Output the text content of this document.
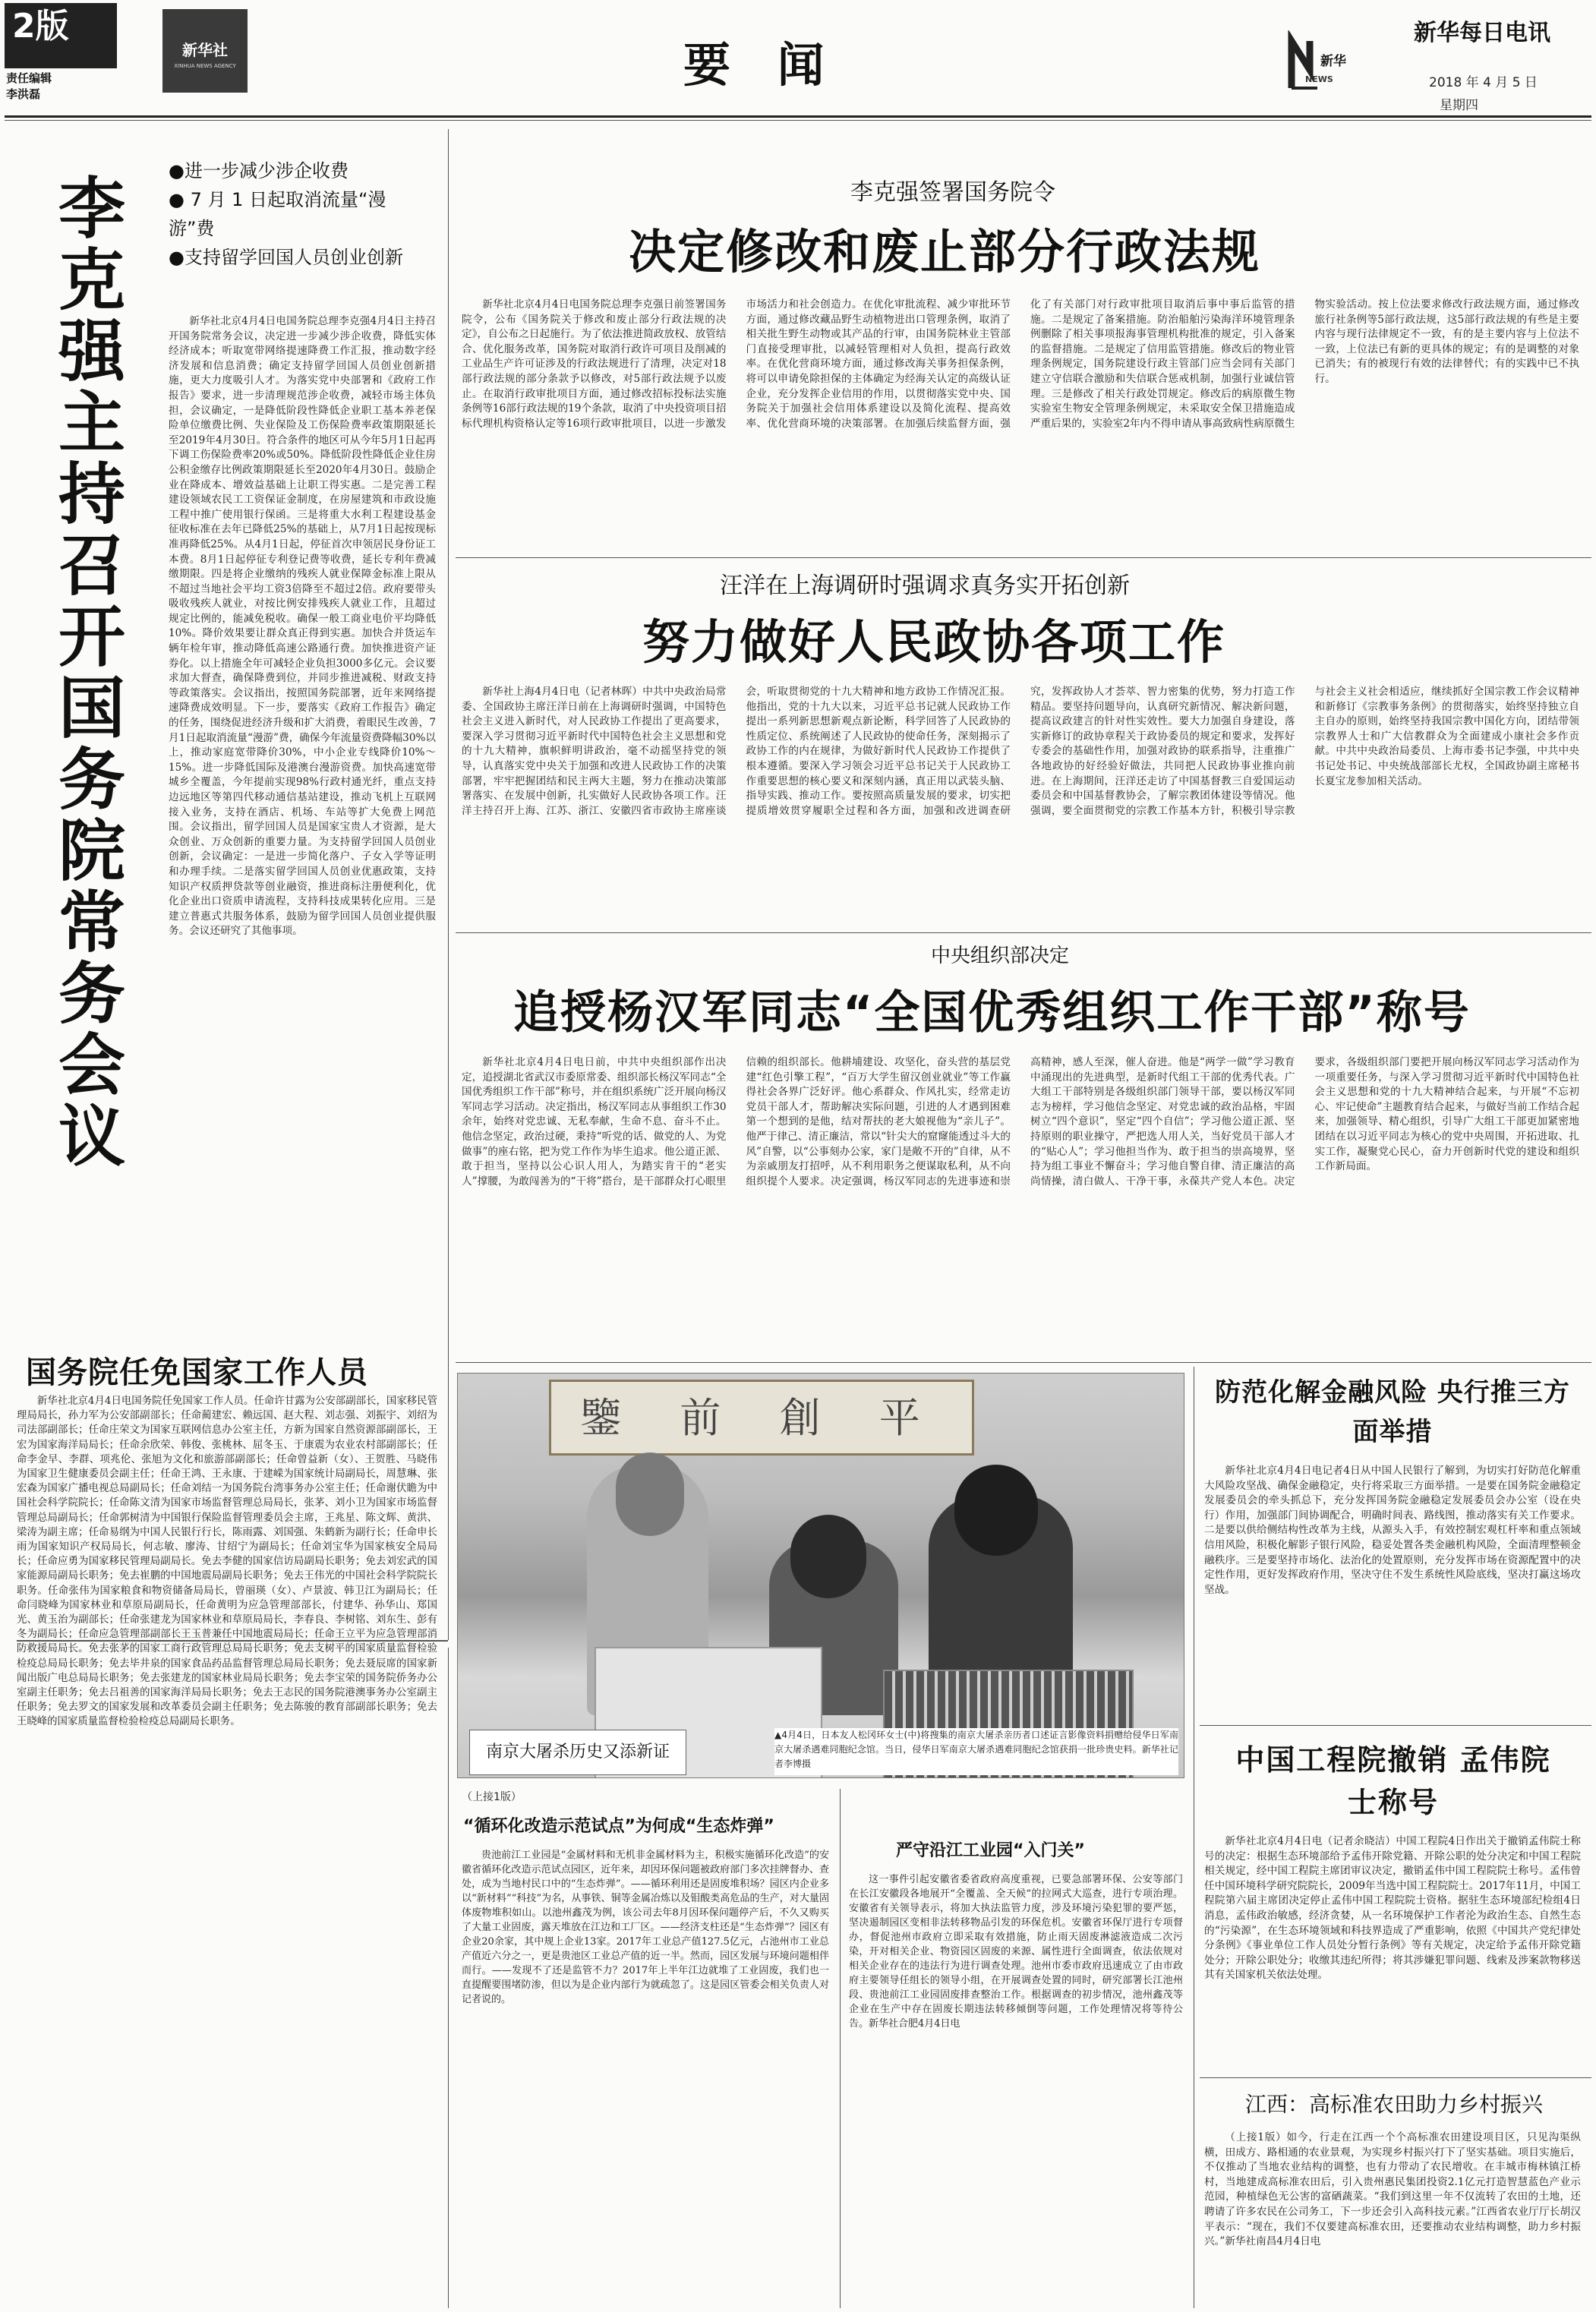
2版
责任编辑
李洪磊
新华社
XINHUA NEWS AGENCY	要 闻	新华
NEWS
新华每日电讯
2018 年 4 月 5 日
星期四
●进一步减少涉企收费
● 7 月 1 日起取消流量“漫游”费
●支持留学回国人员创业创新
李克强主持召开国务院常务会议	新华社北京4月4日电国务院总理李克强4月4日主持召开国务院常务会议，决定进一步减少涉企收费，降低实体经济成本；听取宽带网络提速降费工作汇报，推动数字经济发展和信息消费；确定支持留学回国人员创业创新措施，更大力度吸引人才。为落实党中央部署和《政府工作报告》要求，进一步清理规范涉企收费，减轻市场主体负担，会议确定，一是降低阶段性降低企业职工基本养老保险单位缴费比例、失业保险及工伤保险费率政策期限延长至2019年4月30日。符合条件的地区可从今年5月1日起再下调工伤保险费率20%或50%。降低阶段性降低企业住房公积金缴存比例政策期限延长至2020年4月30日。鼓励企业在降成本、增效益基础上让职工得实惠。二是完善工程建设领域农民工工资保证金制度，在房屋建筑和市政设施工程中推广使用银行保函。三是将重大水利工程建设基金征收标准在去年已降低25%的基础上，从7月1日起按现标准再降低25%。从4月1日起，停征首次申领居民身份证工本费。8月1日起停征专利登记费等收费，延长专利年费减缴期限。四是将企业缴纳的残疾人就业保障金标准上限从不超过当地社会平均工资3倍降至不超过2倍。政府要带头吸收残疾人就业，对按比例安排残疾人就业工作，且超过规定比例的，能减免税收。确保一般工商业电价平均降低10%。降价效果要让群众真正得到实惠。加快合并货运车辆年检年审，推动降低高速公路通行费。加快推进资产证券化。以上措施全年可减轻企业负担3000多亿元。会议要求加大督查，确保降费到位，并同步推进减税、财政支持等政策落实。会议指出，按照国务院部署，近年来网络提速降费成效明显。下一步，要落实《政府工作报告》确定的任务，围绕促进经济升级和扩大消费，着眼民生改善，7月1日起取消流量“漫游”费，确保今年流量资费降幅30%以上，推动家庭宽带降价30%，中小企业专线降价10%～15%。进一步降低国际及港澳台漫游资费。加快高速宽带城乡全覆盖，今年提前实现98%行政村通光纤，重点支持边远地区等第四代移动通信基站建设，推动飞机上互联网接入业务，支持在酒店、机场、车站等扩大免费上网范围。会议指出，留学回国人员是国家宝贵人才资源，是大众创业、万众创新的重要力量。为支持留学回国人员创业创新，会议确定：一是进一步简化落户、子女入学等证明和办理手续。二是落实留学回国人员创业优惠政策，支持知识产权质押贷款等创业融资，推进商标注册便利化，优化企业出口资质申请流程，支持科技成果转化应用。三是建立普惠式共服务体系，鼓励为留学回国人员创业提供服务。会议还研究了其他事项。

李克强签署国务院令
决定修改和废止部分行政法规

新华社北京4月4日电国务院总理李克强日前签署国务院令，公布《国务院关于修改和废止部分行政法规的决定》，自公布之日起施行。为了依法推进简政放权、放管结合、优化服务改革，国务院对取消行政许可项目及削减的工业品生产许可证涉及的行政法规进行了清理，决定对18部行政法规的部分条款予以修改，对5部行政法规予以废止。在取消行政审批项目方面，通过修改招标投标法实施条例等16部行政法规的19个条款，取消了中央投资项目招标代理机构资格认定等16项行政审批项目，以进一步激发市场活力和社会创造力。在优化审批流程、减少审批环节方面，通过修改藏品野生动植物进出口管理条例，取消了相关批生野生动物或其产品的行审，由国务院林业主管部门直接受理审批，以减轻管理相对人负担，提高行政效率。在优化营商环境方面，通过修改海关事务担保条例，将可以申请免除担保的主体确定为经海关认定的高级认证企业，充分发挥企业信用的作用，以贯彻落实党中央、国务院关于加强社会信用体系建设以及简化流程、提高效率、优化营商环境的决策部署。在加强后续监督方面，强化了有关部门对行政审批项目取消后事中事后监管的措施。二是规定了备案措施。防治船舶污染海洋环境管理条例删除了相关事项报海事管理机构批准的规定，引入备案的监督措施。二是规定了信用监管措施。修改后的物业管理条例规定，国务院建设行政主管部门应当会同有关部门建立守信联合激励和失信联合惩戒机制，加强行业诚信管理。三是修改了相关行政处罚规定。修改后的病原微生物实验室生物安全管理条例规定，未采取安全保卫措施造成严重后果的，实验室2年内不得申请从事高致病性病原微生物实验活动。按上位法要求修改行政法规方面，通过修改旅行社条例等5部行政法规，这5部行政法规的有些是主要内容与现行法律规定不一致，有的是主要内容与上位法不一致，上位法已有新的更具体的规定；有的是调整的对象已消失；有的被现行有效的法律替代；有的实践中已不执行。

汪洋在上海调研时强调求真务实开拓创新
努力做好人民政协各项工作

新华社上海4月4日电（记者林晖）中共中央政治局常委、全国政协主席汪洋日前在上海调研时强调，中国特色社会主义进入新时代，对人民政协工作提出了更高要求，要深入学习贯彻习近平新时代中国特色社会主义思想和党的十九大精神，旗帜鲜明讲政治，毫不动摇坚持党的领导，认真落实党中央关于加强和改进人民政协工作的决策部署，牢牢把握团结和民主两大主题，努力在推动决策部署落实、在发展中创新，扎实做好人民政协各项工作。汪洋主持召开上海、江苏、浙江、安徽四省市政协主席座谈会，听取贯彻党的十九大精神和地方政协工作情况汇报。他指出，党的十九大以来，习近平总书记就人民政协工作提出一系列新思想新观点新论断，科学回答了人民政协的性质定位、系统阐述了人民政协的使命任务，深刻揭示了政协工作的内在规律，为做好新时代人民政协工作提供了根本遵循。要深入学习领会习近平总书记关于人民政协工作重要思想的核心要义和深刻内涵，真正用以武装头脑、指导实践、推动工作。要按照高质量发展的要求，切实把提质增效贯穿履职全过程和各方面，加强和改进调查研究，发挥政协人才荟萃、智力密集的优势，努力打造工作精品。要坚持问题导向，认真研究新情况、解决新问题，提高议政建言的针对性实效性。要大力加强自身建设，落实新修订的政协章程关于政协委员的规定和要求，发挥好专委会的基础性作用，加强对政协的联系指导，注重推广各地政协的好经验好做法，共同把人民政协事业推向前进。在上海期间，汪洋还走访了中国基督教三自爱国运动委员会和中国基督教协会，了解宗教团体建设等情况。他强调，要全面贯彻党的宗教工作基本方针，积极引导宗教与社会主义社会相适应，继续抓好全国宗教工作会议精神和新修订《宗教事务条例》的贯彻落实，始终坚持独立自主自办的原则，始终坚持我国宗教中国化方向，团结带领宗教界人士和广大信教群众为全面建成小康社会多作贡献。中共中央政治局委员、上海市委书记李强，中共中央书记处书记、中央统战部部长尤权，全国政协副主席秘书长夏宝龙参加相关活动。

中央组织部决定
追授杨汉军同志“全国优秀组织工作干部”称号

新华社北京4月4日电日前，中共中央组织部作出决定，追授湖北省武汉市委原常委、组织部长杨汉军同志“全国优秀组织工作干部”称号，并在组织系统广泛开展向杨汉军同志学习活动。决定指出，杨汉军同志从事组织工作30余年，始终对党忠诚、无私奉献，生命不息、奋斗不止。他信念坚定，政治过硬，秉持“听党的话、做党的人、为党做事”的座右铭，把为党工作作为毕生追求。他公道正派、敢于担当，坚持以公心识人用人，为踏实肯干的“老实人”撑腰，为敢闯善为的“干将”搭台，是干部群众打心眼里信赖的组织部长。他耕埔建设、攻坚化，奋头营的基层党建“红色引擎工程”，“百万大学生留汉创业就业”等工作赢得社会各界广泛好评。他心系群众、作风扎实，经常走访党员干部人才，帮助解决实际问题，引进的人才遇到困难第一个想到的是他，结对帮扶的老大娘视他为“亲儿子”。他严于律己、清正廉洁，常以“针尖大的窟窿能透过斗大的风”自警，以“公事刻办公家，家门是敞不开的”自律，从不为亲戚朋友打招呼，从不利用职务之便谋取私利，从不向组织提个人要求。决定强调，杨汉军同志的先进事迹和崇高精神，感人至深，催人奋进。他是“两学一做”学习教育中涌现出的先进典型，是新时代组工干部的优秀代表。广大组工干部特别是各级组织部门领导干部，要以杨汉军同志为榜样，学习他信念坚定、对党忠诚的政治品格，牢固树立“四个意识”，坚定“四个自信”；学习他公道正派、坚持原则的职业操守，严把选人用人关，当好党员干部人才的“贴心人”；学习他担当作为、敢于担当的崇高境界，坚持为组工事业不懈奋斗；学习他自警自律、清正廉洁的高尚情操，清白做人、干净干事，永葆共产党人本色。决定要求，各级组织部门要把开展向杨汉军同志学习活动作为一项重要任务，与深入学习贯彻习近平新时代中国特色社会主义思想和党的十九大精神结合起来，与开展“不忘初心、牢记使命”主题教育结合起来，与做好当前工作结合起来，加强领导、精心组织，引导广大组工干部更加紧密地团结在以习近平同志为核心的党中央周围，开拓进取、扎实工作，凝聚党心民心，奋力开创新时代党的建设和组织工作新局面。

国务院任免国家工作人员

新华社北京4月4日电国务院任免国家工作人员。任命许甘露为公安部副部长，国家移民管理局局长，孙力军为公安部副部长；任命蔺建宏、赖远国、赵大程、刘志强、刘振宇、刘绍为司法部副部长；任命庄荣文为国家互联网信息办公室主任，方新为国家自然资源部副部长，王宏为国家海洋局局长；任命余欣荣、韩俊、张桃林、屈冬玉、于康震为农业农村部副部长；任命李金早、李群、项兆伦、张旭为文化和旅游部副部长；任命曾益新（女）、王贺胜、马晓伟为国家卫生健康委员会副主任；任命王鸿、王永康、于建嵘为国家统计局副局长，周慧琳、张宏森为国家广播电视总局副局长；任命刘结一为国务院台湾事务办公室主任；任命谢伏瞻为中国社会科学院院长；任命陈文清为国家市场监督管理总局局长，张茅、刘小卫为国家市场监督管理总局副局长；任命郭树清为中国银行保险监督管理委员会主席，王兆星、陈文辉、黄洪、梁涛为副主席；任命易纲为中国人民银行行长，陈雨露、刘国强、朱鹤新为副行长；任命申长雨为国家知识产权局局长，何志敏、廖涛、甘绍宁为副局长；任命刘宝华为国家核安全局局长；任命应勇为国家移民管理局副局长。免去李健的国家信访局副局长职务；免去刘宏武的国家能源局副局长职务；免去崔鹏的中国地震局副局长职务；免去王伟光的中国社会科学院院长职务。任命张伟为国家粮食和物资储备局局长，曾丽瑛（女）、卢景波、韩卫江为副局长；任命闫晓峰为国家林业和草原局副局长，任命黄明为应急管理部部长，付建华、孙华山、郑国光、黄玉治为副部长；任命张建龙为国家林业和草原局局长，李春良、李树铭、刘东生、彭有冬为副局长；任命应急管理部副部长王玉普兼任中国地震局局长；任命王立平为应急管理部消防救援局局长。免去张茅的国家工商行政管理总局局长职务；免去支树平的国家质量监督检验检疫总局局长职务；免去毕井泉的国家食品药品监督管理总局局长职务；免去聂辰席的国家新闻出版广电总局局长职务；免去张建龙的国家林业局局长职务；免去李宝荣的国务院侨务办公室副主任职务；免去吕祖善的国家海洋局局长职务；免去王志民的国务院港澳事务办公室副主任职务；免去罗文的国家发展和改革委员会副主任职务；免去陈骏的教育部副部长职务；免去王晓峰的国家质量监督检验检疫总局副局长职务。

鑒 前 創 平
南京大屠杀历史又添新证
▲4月4日，日本友人松冈环女士(中)将搜集的南京大屠杀亲历者口述证言影像资料捐赠给侵华日军南京大屠杀遇难同胞纪念馆。当日，侵华日军南京大屠杀遇难同胞纪念馆获捐一批珍贵史料。新华社记者李博摄
（上接1版）
“循环化改造示范试点”为何成“生态炸弹”

贵池前江工业园是“金属材料和无机非金属材料为主，积极实施循环化改造”的安徽省循环化改造示范试点园区，近年来，却因环保问题被政府部门多次挂牌督办、查处，成为当地村民口中的“生态炸弹”。——循环利用还是固废堆积场？园区内企业多以“新材料”“科技”为名，从事铁、铜等金属冶炼以及钼酸类高危品的生产，对大量固体废物堆积如山。以池州鑫茂为例，该公司去年8月因环保问题停产后，不久又购买了大量工业固废，露天堆放在江边和工厂区。——经济支柱还是“生态炸弹”？园区有企业20余家，其中规上企业13家。2017年工业总产值127.5亿元，占池州市工业总产值近六分之一，更是贵池区工业总产值的近一半。然而，园区发展与环境问题相伴而行。——发现不了还是监管不力？2017年上半年江边就堆了工业固废，我们也一直提醒要围堵防渗，但以为是企业内部行为就疏忽了。这是园区管委会相关负责人对记者说的。

严守沿江工业园“入门关”

这一事件引起安徽省委省政府高度重视，已要急部署环保、公安等部门在长江安徽段各地展开“全覆盖、全天候”的拉网式大巡查，进行专项治理。安徽省有关领导表示，将加大执法监管力度，涉及环境污染犯罪的要严惩，坚决遏制园区变相非法转移物品引发的环保危机。安徽省环保厅进行专项督办，督促池州市政府立即采取有效措施，防止雨天固废淋滤液造成二次污染，开对相关企业、物资园区固废的来源、属性进行全面调查，依法依规对相关企业存在的违法行为进行调查处理。池州市委市政府迅速成立了由市政府主要领导任组长的领导小组，在开展调查处置的同时，研究部署长江池州段、贵池前江工业园固废排查整治工作。根据调查的初步情况，池州鑫茂等企业在生产中存在固废长期违法转移倾倒等问题，工作处理情况将等待公告。新华社合肥4月4日电

防范化解金融风险 央行推三方面举措

新华社北京4月4日电记者4日从中国人民银行了解到，为切实打好防范化解重大风险攻坚战、确保金融稳定，央行将采取三方面举措。一是要在国务院金融稳定发展委员会的牵头抓总下，充分发挥国务院金融稳定发展委员会办公室（设在央行）作用，加强部门间协调配合，明确时间表、路线图，推动落实有关工作要求。二是要以供给侧结构性改革为主线，从源头入手，有效控制宏观杠杆率和重点领域信用风险，积极化解影子银行风险，稳妥处置各类金融机构风险，全面清理整顿金融秩序。三是要坚持市场化、法治化的处置原则，充分发挥市场在资源配置中的决定性作用，更好发挥政府作用，坚决守住不发生系统性风险底线，坚决打赢这场攻坚战。

中国工程院撤销 孟伟院士称号

新华社北京4月4日电（记者余晓洁）中国工程院4日作出关于撤销孟伟院士称号的决定：根据生态环境部给予孟伟开除党籍、开除公职的处分决定和中国工程院相关规定，经中国工程院主席团审议决定，撤销孟伟中国工程院院士称号。孟伟曾任中国环境科学研究院院长，2009年当选中国工程院院士。2017年11月，中国工程院第六届主席团决定停止孟伟中国工程院院士资格。据驻生态环境部纪检组4日消息，孟伟政治敏感，经济贪婪，从一名环境保护工作者沦为政治生态、自然生态的“污染源”，在生态环境领域和科技界造成了严重影响，依照《中国共产党纪律处分条例》《事业单位工作人员处分暂行条例》等有关规定，决定给予孟伟开除党籍处分；开除公职处分；收缴其违纪所得；将其涉嫌犯罪问题、线索及涉案款物移送其有关国家机关依法处理。

江西：高标准农田助力乡村振兴

（上接1版）如今，行走在江西一个个高标准农田建设项目区，只见沟渠纵横，田成方、路相通的农业景观，为实现乡村振兴打下了坚实基础。项目实施后，不仅推动了当地农业结构的调整，也有力带动了农民增收。在丰城市梅林镇江桥村，当地建成高标准农田后，引入贵州惠民集团投资2.1亿元打造智慧蓝色产业示范园，种植绿色无公害的富硒蔬菜。“我们到这里一年不仅流转了农田的土地，还聘请了许多农民在公司务工，下一步还会引入高科技元素。”江西省农业厅厅长胡汉平表示：“现在，我们不仅要建高标准农田，还要推动农业结构调整，助力乡村振兴。”新华社南昌4月4日电
